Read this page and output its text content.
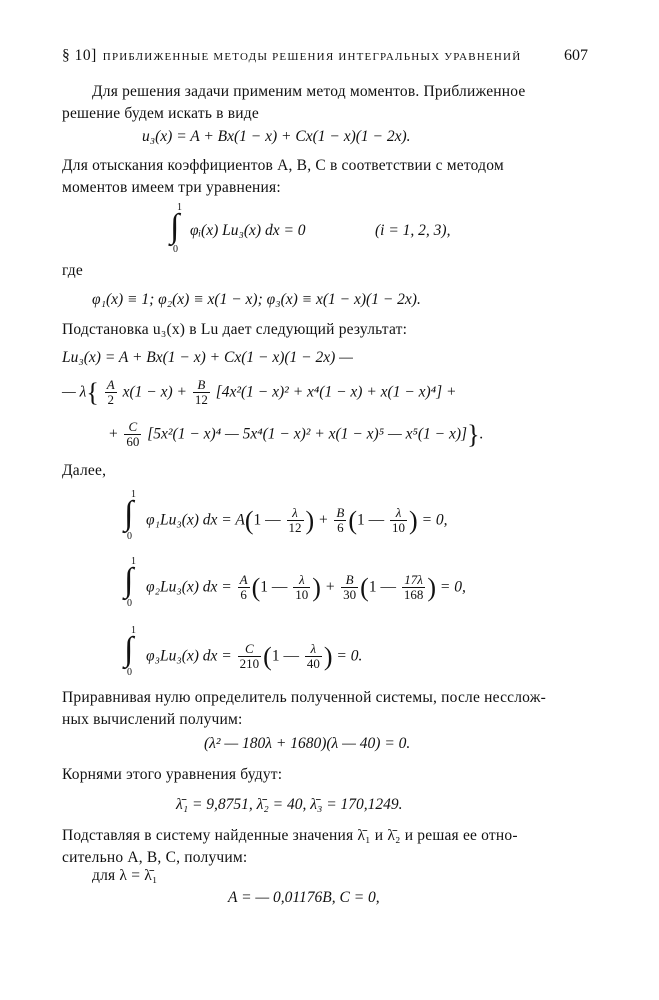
§ 10] ПРИБЛИЖЕННЫЕ МЕТОДЫ РЕШЕНИЯ ИНТЕГРАЛЬНЫХ УРАВНЕНИЙ	607
Для решения задачи применим метод моментов. Приближенное
решение будем искать в виде
u₃(x) = A + Bx(1 − x) + Cx(1 − x)(1 − 2x).
Для отыскания коэффициентов A, B, C в соответствии с методом
моментов имеем три уравнения:
∫
1
0
φᵢ(x) Lu₃(x) dx = 0	(i = 1, 2, 3),
где
φ₁(x) ≡ 1; φ₂(x) ≡ x(1 − x); φ₃(x) ≡ x(1 − x)(1 − 2x).
Подстановка u₃(x) в Lu дает следующий результат:
Lu₃(x) = A + Bx(1 − x) + Cx(1 − x)(1 − 2x) —
— $\lambda\{ \frac{A}{2} x(1 - x) + \frac{B}{12} [4x^2(1 - x)^2 + x^4(1 - x) + x(1 - x)^4]$ +
+ $\frac{C}{60} [5x^2(1 - x)^4$ — 5x⁴(1 − x)² + x(1 − x)⁵ — x⁵(1 − x)]}.
Далее,
∫
1
0
φ₁Lu₃(x) dx = A(1 — $\frac{\lambda}{12}$ ) + $\frac{B}{6} (1$ — $\frac{\lambda}{10}$ ) = 0,
∫
1
0
φ₂Lu₃(x) dx = $\frac{A}{6} (1$ — $\frac{\lambda}{10}$ ) + $\frac{B}{30} (1$ — $\frac{17\lambda}{168}$ ) = 0,
∫
1
0
φ₃Lu₃(x) dx = $\frac{C}{210} (1$ — $\frac{\lambda}{40}$ ) = 0.
Приравнивая нулю определитель полученной системы, после несслож-
ных вычислений получим:
(λ² — 180λ + 1680)(λ — 40) = 0.
Корнями этого уравнения будут:
λ̄₁ = 9,8751, λ̄₂ = 40, λ̄₃ = 170,1249.
Подставляя в систему найденные значения λ̄₁ и λ̄₂ и решая ее отно-
сительно A, B, C, получим:
для λ = λ̄₁
A = — 0,01176B, C = 0,
